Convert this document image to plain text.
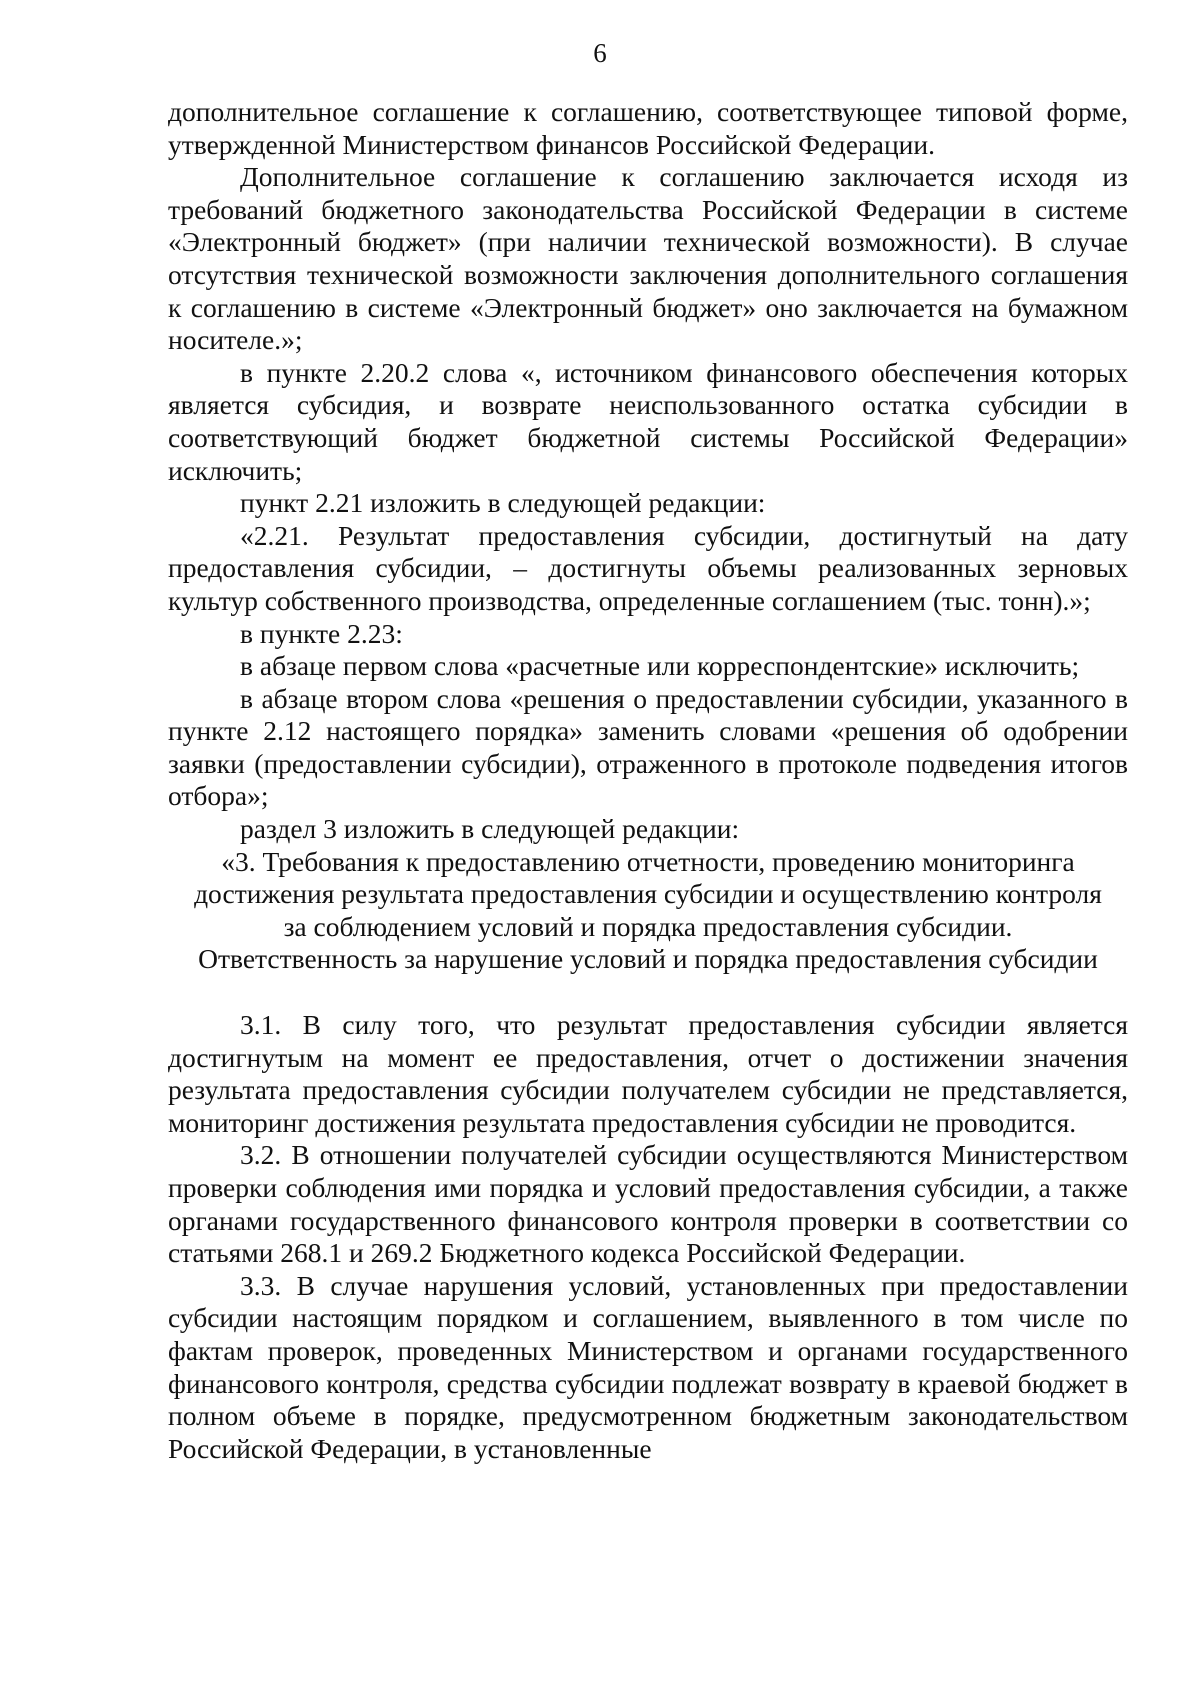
6

дополнительное соглашение к соглашению, соответствующее типовой форме, утвержденной Министерством финансов Российской Федерации.

Дополнительное соглашение к соглашению заключается исходя из требований бюджетного законодательства Российской Федерации в системе «Электронный бюджет» (при наличии технической возможности). В случае отсутствия технической возможности заключения дополнительного соглашения к соглашению в системе «Электронный бюджет» оно заключается на бумажном носителе.»;

в пункте 2.20.2 слова «, источником финансового обеспечения которых является субсидия, и возврате неиспользованного остатка субсидии в соответствующий бюджет бюджетной системы Российской Федерации» исключить;

пункт 2.21 изложить в следующей редакции:

«2.21. Результат предоставления субсидии, достигнутый на дату предоставления субсидии, – достигнуты объемы реализованных зерновых культур собственного производства, определенные соглашением (тыс. тонн).»;

в пункте 2.23:

в абзаце первом слова «расчетные или корреспондентские» исключить;

в абзаце втором слова «решения о предоставлении субсидии, указанного в пункте 2.12 настоящего порядка» заменить словами «решения об одобрении заявки (предоставлении субсидии), отраженного в протоколе подведения итогов отбора»;

раздел 3 изложить в следующей редакции:

«3. Требования к предоставлению отчетности, проведению мониторинга

достижения результата предоставления субсидии и осуществлению контроля

за соблюдением условий и порядка предоставления субсидии.

Ответственность за нарушение условий и порядка предоставления субсидии

3.1. В силу того, что результат предоставления субсидии является достигнутым на момент ее предоставления, отчет о достижении значения результата предоставления субсидии получателем субсидии не представляется, мониторинг достижения результата предоставления субсидии не проводится.

3.2. В отношении получателей субсидии осуществляются Министерством проверки соблюдения ими порядка и условий предоставления субсидии, а также органами государственного финансового контроля проверки в соответствии со статьями 268.1 и 269.2 Бюджетного кодекса Российской Федерации.

3.3. В случае нарушения условий, установленных при предоставлении субсидии настоящим порядком и соглашением, выявленного в том числе по фактам проверок, проведенных Министерством и органами государственного финансового контроля, средства субсидии подлежат возврату в краевой бюджет в полном объеме в порядке, предусмотренном бюджетным законодательством Российской Федерации, в установленные
